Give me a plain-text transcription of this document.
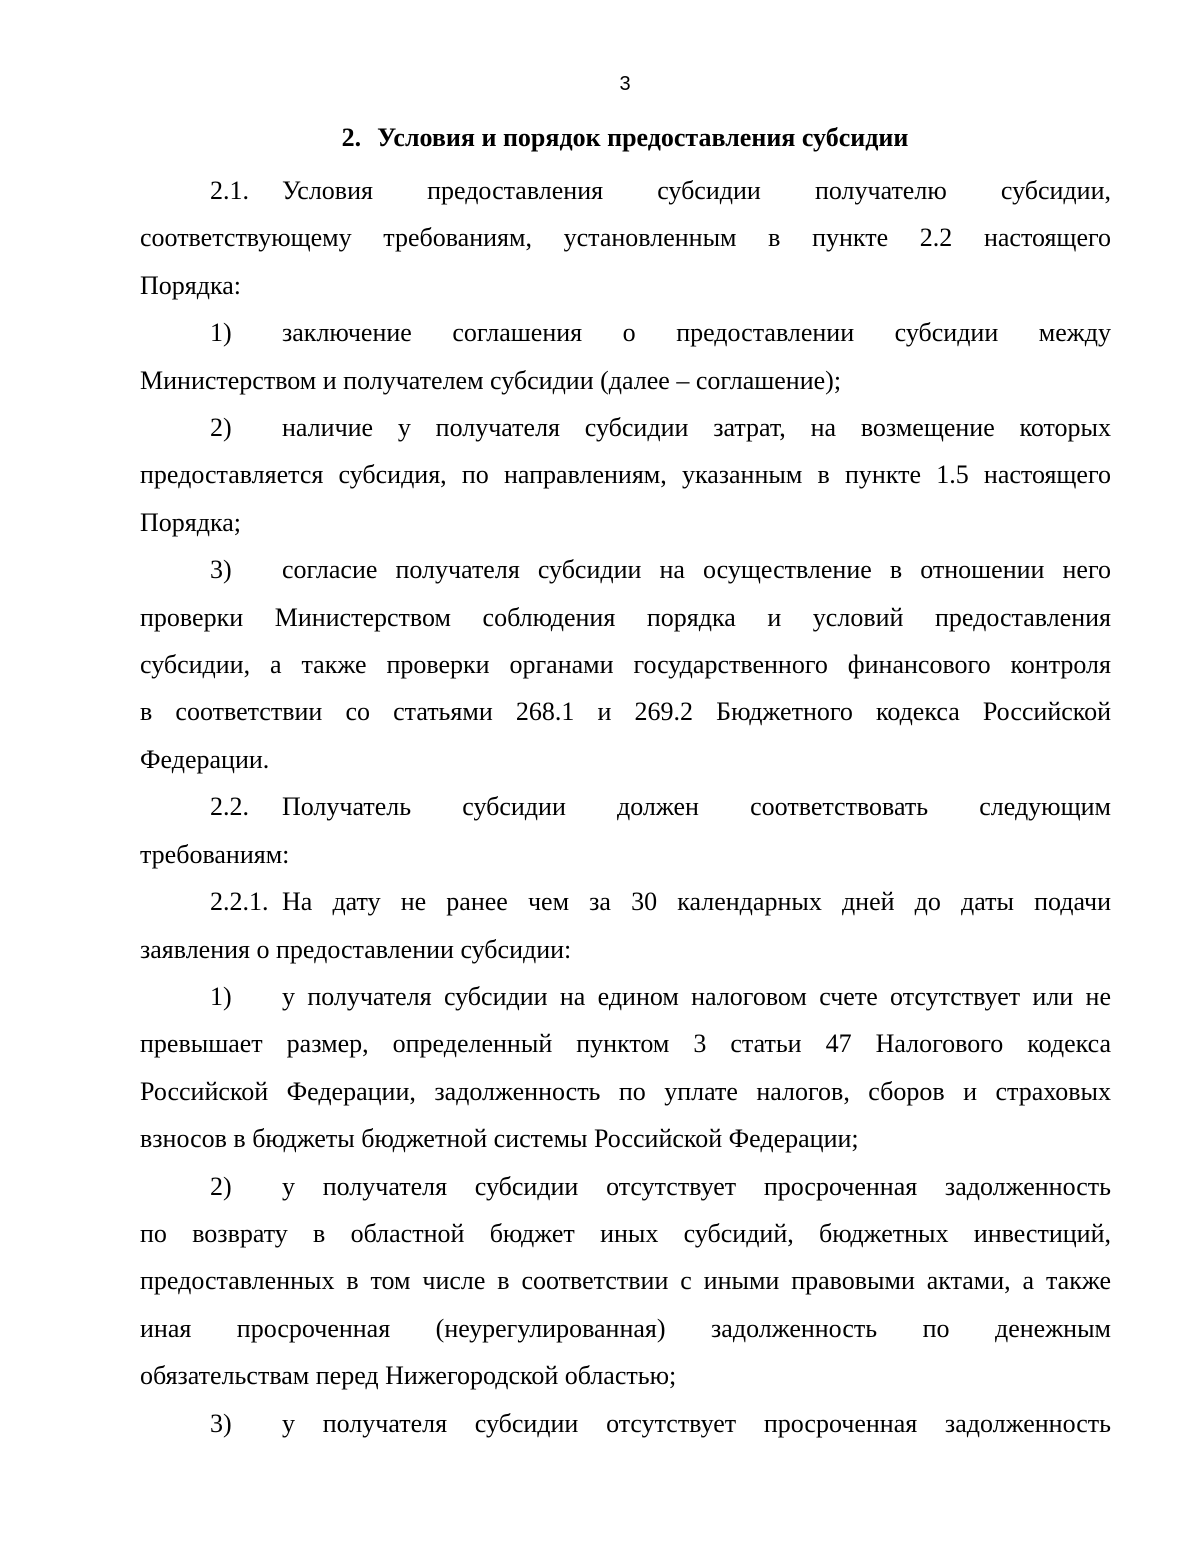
3
2. Условия и порядок предоставления субсидии

2.1. Условия предоставления субсидии получателю субсидии,

соответствующему требованиям, установленным в пункте 2.2 настоящего

Порядка:

1) заключение соглашения о предоставлении субсидии между

Министерством и получателем субсидии (далее – соглашение);

2) наличие у получателя субсидии затрат, на возмещение которых

предоставляется субсидия, по направлениям, указанным в пункте 1.5 настоящего

Порядка;

3) согласие получателя субсидии на осуществление в отношении него

проверки Министерством соблюдения порядка и условий предоставления

субсидии, а также проверки органами государственного финансового контроля

в соответствии со статьями 268.1 и 269.2 Бюджетного кодекса Российской

Федерации.

2.2. Получатель субсидии должен соответствовать следующим

требованиям:

2.2.1. На дату не ранее чем за 30 календарных дней до даты подачи

заявления о предоставлении субсидии:

1) у получателя субсидии на едином налоговом счете отсутствует или не

превышает размер, определенный пунктом 3 статьи 47 Налогового кодекса

Российской Федерации, задолженность по уплате налогов, сборов и страховых

взносов в бюджеты бюджетной системы Российской Федерации;

2) у получателя субсидии отсутствует просроченная задолженность

по возврату в областной бюджет иных субсидий, бюджетных инвестиций,

предоставленных в том числе в соответствии с иными правовыми актами, а также

иная просроченная (неурегулированная) задолженность по денежным

обязательствам перед Нижегородской областью;

3) у получателя субсидии отсутствует просроченная задолженность
